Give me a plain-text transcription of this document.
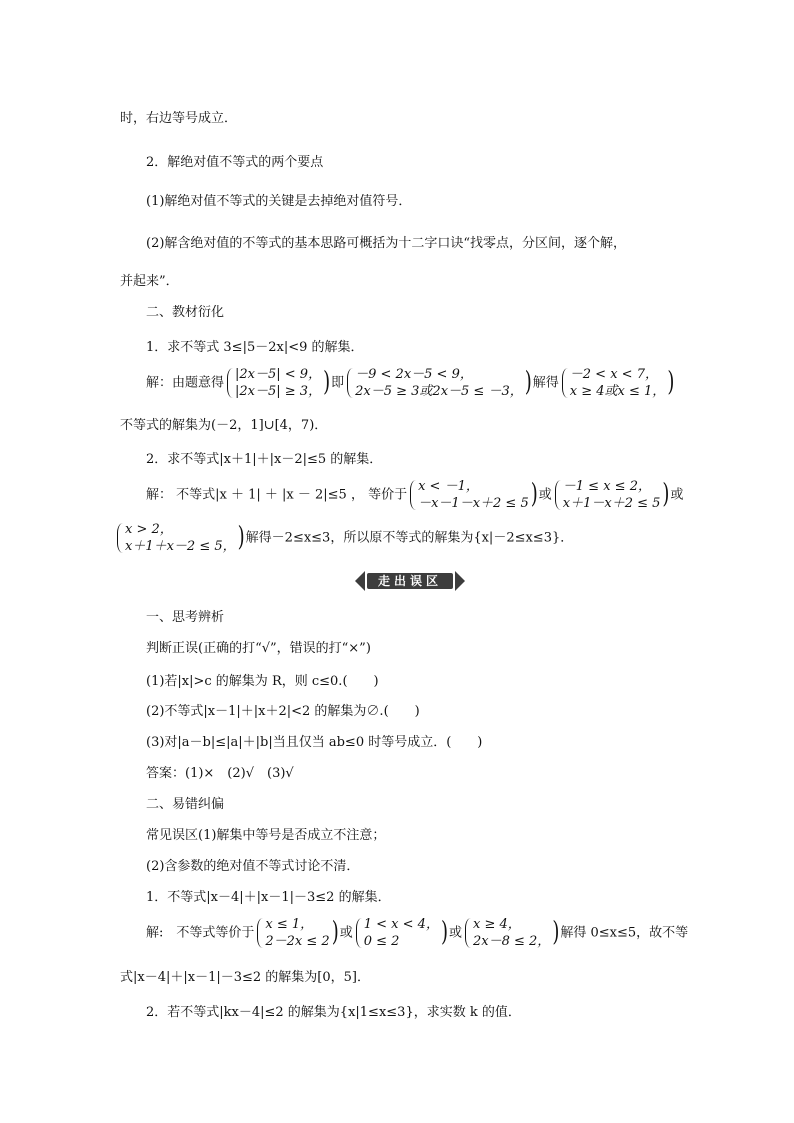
时，右边等号成立．
2．解绝对值不等式的两个要点
(1)解绝对值不等式的关键是去掉绝对值符号．
(2)解含绝对值的不等式的基本思路可概括为十二字口诀“找零点，分区间，逐个解，
并起来”．
二、教材衍化
1．求不等式 3≤|5－2x|<9 的解集．
解：由题意得
|2x－5| < 9，
|2x－5| ≥ 3， )即
－9 < 2x－5 < 9，
2x－5 ≥ 3或2x－5 ≤ －3， )解得
－2 < x < 7，
x ≥ 4或x ≤ 1， )
不等式的解集为(－2，1]∪[4，7)．
2．求不等式|x＋1|＋|x－2|≤5 的解集．
解： 不等式|x ＋ 1| ＋ |x － 2|≤5 ， 等价于
x < －1，
－x－1－x＋2 ≤ 5 )或
－1 ≤ x ≤ 2，
x＋1－x＋2 ≤ 5 )或
x > 2，
x＋1＋x－2 ≤ 5， )解得－2≤x≤3，所以原不等式的解集为{x|－2≤x≤3}．
走出误区
一、思考辨析
判断正误(正确的打“√”，错误的打“×”)
(1)若|x|>c 的解集为 R，则 c≤0.(　　)
(2)不等式|x－1|＋|x＋2|<2 的解集为∅.(　　)
(3)对|a－b|≤|a|＋|b|当且仅当 ab≤0 时等号成立．(　　)
答案：(1)×　(2)√　(3)√
二、易错纠偏
常见误区(1)解集中等号是否成立不注意；
(2)含参数的绝对值不等式讨论不清．
1．不等式|x－4|＋|x－1|－3≤2 的解集．
解:　不等式等价于
x ≤ 1，
2－2x ≤ 2 )或
1 < x < 4，
0 ≤ 2	)或
x ≥ 4，
2x－8 ≤ 2， )解得 0≤x≤5，故不等
式|x－4|＋|x－1|－3≤2 的解集为[0，5]．
2．若不等式|kx－4|≤2 的解集为{x|1≤x≤3}，求实数 k 的值．
